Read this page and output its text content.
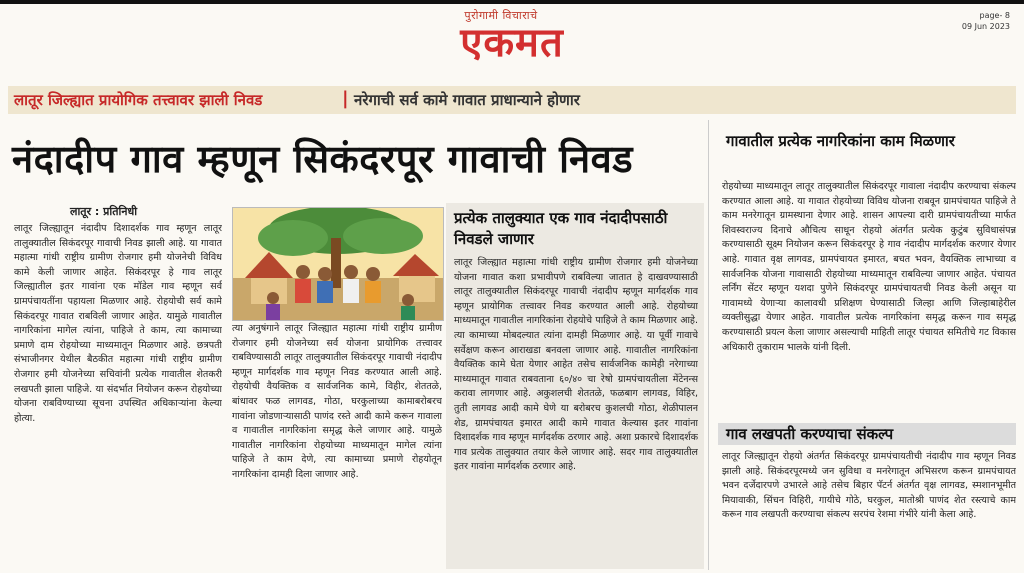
पुरोगामी विचाराचे
एकमत
page- 8
09 Jun 2023
लातूर जिल्ह्यात प्रायोगिक तत्त्वावर झाली निवड	| नरेगाची सर्व कामे गावात प्राधान्याने होणार
नंदादीप गाव म्हणून सिकंदरपूर गावाची निवड
लातूर : प्रतिनिधी
लातूर जिल्ह्यातून नंदादीप दिशादर्शक गाव म्हणून लातूर तालुक्यातील सिकंदरपूर गावाची निवड झाली आहे. या गावात महात्मा गांधी राष्ट्रीय ग्रामीण रोजगार हमी योजनेची विविध कामे केली जाणार आहेत. सिकंदरपूर हे गाव लातूर जिल्ह्यातील इतर गावांना एक मॉडेल गाव म्हणून सर्व ग्रामपंचायतींना पहायला मिळणार आहे. रोहयोची सर्व कामे सिकंदरपूर गावात राबविली जाणार आहेत. यामुळे गावातील नागरिकांना मागेल त्यांना, पाहिजे ते काम, त्या कामाच्या प्रमाणे दाम रोहयोच्या माध्यमातून मिळणार आहे. छत्रपती संभाजीनगर येथील बैठकीत महात्मा गांधी राष्ट्रीय ग्रामीण रोजगार हमी योजनेच्या सचिवांनी प्रत्येक गावातील शेतकरी लखपती झाला पाहिजे. या संदर्भात नियोजन करून रोहयोच्या योजना राबविण्याच्या सूचना उपस्थित अधिकाऱ्यांना केल्या होत्या.
त्या अनुषंगाने लातूर जिल्ह्यात महात्मा गांधी राष्ट्रीय ग्रामीण रोजगार हमी योजनेच्या सर्व योजना प्रायोगिक तत्त्वावर राबविण्यासाठी लातूर तालुक्यातील सिकंदरपूर गावाची नंदादीप म्हणून मार्गदर्शक गाव म्हणून निवड करण्यात आली आहे. रोहयोची वैयक्तिक व सार्वजनिक कामे, विहीर, शेततळे, बांधावर फळ लागवड, गोठा, घरकुलाच्या कामाबरोबरच गावांना जोडणाऱ्यासाठी पाणंद रस्ते आदी कामे करून गावाला व गावातील नागरिकांना समृद्ध केले जाणार आहे. यामुळे गावातील नागरिकांना रोहयोच्या माध्यमातून मागेल त्यांना पाहिजे ते काम देणे, त्या कामाच्या प्रमाणे रोहयोतून नागरिकांना दामही दिला जाणार आहे.
प्रत्येक तालुक्यात एक गाव नंदादीपसाठी निवडले जाणार
लातूर जिल्ह्यात महात्मा गांधी राष्ट्रीय ग्रामीण रोजगार हमी योजनेच्या योजना गावात कशा प्रभावीपणे राबविल्या जातात हे दाखवण्यासाठी लातूर तालुक्यातील सिकंदरपूर गावाची नंदादीप म्हणून मार्गदर्शक गाव म्हणून प्रायोगिक तत्त्वावर निवड करण्यात आली आहे. रोहयोच्या माध्यमातून गावातील नागरिकांना रोहयोचे पाहिजे ते काम मिळणार आहे. त्या कामाच्या मोबदल्यात त्यांना दामही मिळणार आहे. या पूर्वी गावाचे सर्वेक्षण करून आराखडा बनवला जाणार आहे. गावातील नागरिकांना वैयक्तिक कामे घेता येणार आहेत तसेच सार्वजनिक कामेही नरेगाच्या माध्यमातून गावात राबवताना ६०/४० चा रेषो ग्रामपंचायतीला मेंटेनन्स करावा लागणार आहे. अकुशलची शेततळे, फळबाग लागवड, विहिर, तुती लागवड आदी कामे घेणे या बरोबरच कुशलची गोठा, शेळीपालन शेड, ग्रामपंचायत इमारत आदी कामे गावात केल्यास इतर गावांना दिशादर्शक गाव म्हणून मार्गदर्शक ठरणार आहे. अशा प्रकारचे दिशादर्शक गाव प्रत्येक तालुक्यात तयार केले जाणार आहे. सदर गाव तालुक्यातील इतर गावांना मार्गदर्शक ठरणार आहे.
गावातील प्रत्येक नागरिकांना काम मिळणार
रोहयोच्या माध्यमातून लातूर तालुक्यातील सिकंदरपूर गावाला नंदादीप करण्याचा संकल्प करण्यात आला आहे. या गावात रोहयोच्या विविध योजना राबवून ग्रामपंचायत पाहिजे ते काम मनरेगातून ग्रामस्थाना देणार आहे. शासन आपल्या दारी ग्रामपंचायतीच्या मार्फत शिवस्वराज्य दिनाचे औचित्य साधून रोहयो अंतर्गत प्रत्येक कुटुंब सुविधासंपन्न करण्यासाठी सूक्ष्म नियोजन करून सिकंदरपूर हे गाव नंदादीप मार्गदर्शक करणार येणार आहे. गावात वृक्ष लागवड, ग्रामपंचायत इमारत, बचत भवन, वैयक्तिक लाभाच्या व सार्वजनिक योजना गावासाठी रोहयोच्या माध्यमातून राबविल्या जाणार आहेत. पंचायत लर्निंग सेंटर म्हणून यशदा पुणेने सिकंदरपूर ग्रामपंचायतची निवड केली असून या गावामध्ये येणाऱ्या कालावधी प्रशिक्षण घेण्यासाठी जिल्हा आणि जिल्हाबाहेरील व्यक्तीसुद्धा येणार आहेत. गावातील प्रत्येक नागरिकांना समृद्ध करून गाव समृद्ध करण्यासाठी प्रयत्न केला जाणार असल्याची माहिती लातूर पंचायत समितीचे गट विकास अधिकारी तुकाराम भालके यांनी दिली.
गाव लखपती करण्याचा संकल्प
लातूर जिल्ह्यातून रोहयो अंतर्गत सिकंदरपूर ग्रामपंचायतीची नंदादीप गाव म्हणून निवड झाली आहे. सिकंदरपूरमध्ये जन सुविधा व मनरेगातून अभिसरण करून ग्रामपंचायत भवन दर्जेदारपणे उभारले आहे तसेच बिहार पॅटर्न अंतर्गत वृक्ष लागवड, स्मशानभूमीत मियावाकी, सिंचन विहिरी, गायीचे गोठे, घरकुल, मातोश्री पाणंद शेत रस्त्याचे काम करून गाव लखपती करण्याचा संकल्प सरपंच रेशमा गंभीरे यांनी केला आहे.
